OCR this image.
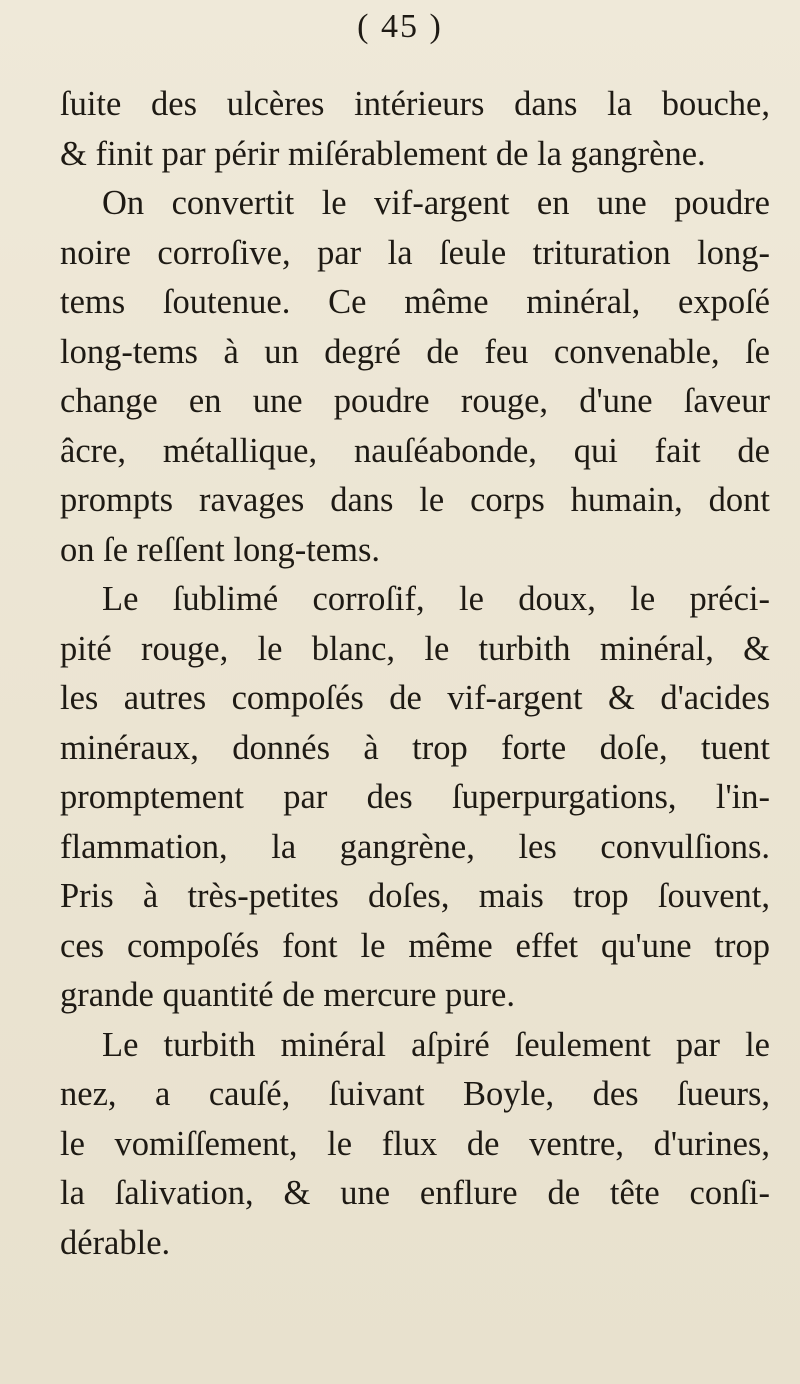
( 45 )
ſuite des ulcères intérieurs dans la bouche,
& finit par périr miſérablement de la gangrène.
On convertit le vif-argent en une poudre
noire corroſive, par la ſeule trituration long-
tems ſoutenue. Ce même minéral, expoſé
long-tems à un degré de feu convenable, ſe
change en une poudre rouge, d'une ſaveur
âcre, métallique, nauſéabonde, qui fait de
prompts ravages dans le corps humain, dont
on ſe reſſent long-tems.
Le ſublimé corroſif, le doux, le préci-
pité rouge, le blanc, le turbith minéral, &
les autres compoſés de vif-argent & d'acides
minéraux, donnés à trop forte doſe, tuent
promptement par des ſuperpurgations, l'in-
flammation, la gangrène, les convulſions.
Pris à très-petites doſes, mais trop ſouvent,
ces compoſés font le même effet qu'une trop
grande quantité de mercure pure.
Le turbith minéral aſpiré ſeulement par le
nez, a cauſé, ſuivant Boyle, des ſueurs,
le vomiſſement, le flux de ventre, d'urines,
la ſalivation, & une enflure de tête conſi-
dérable.
